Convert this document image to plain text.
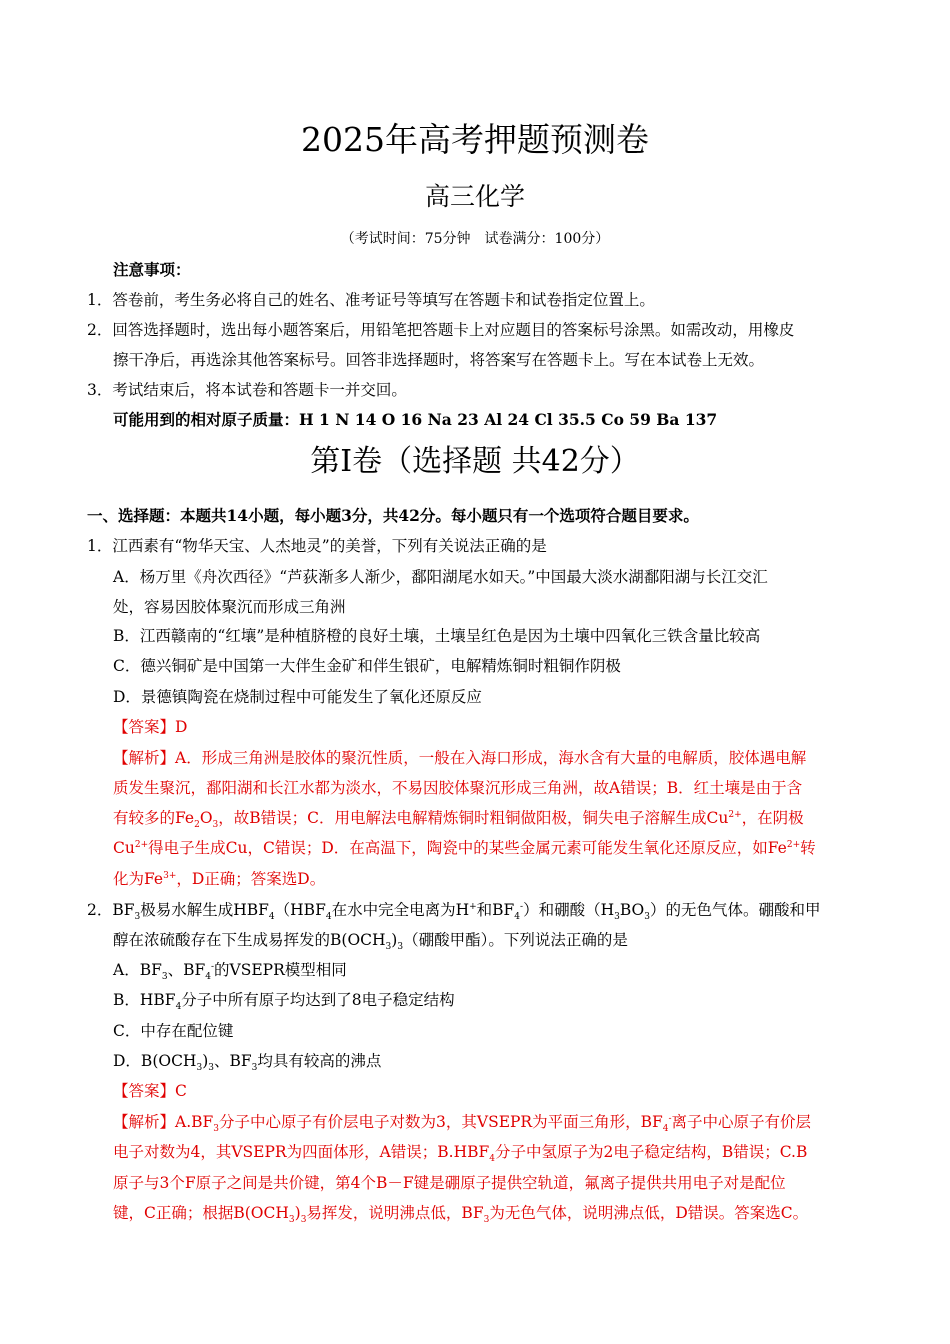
2025年高考押题预测卷
高三化学
（考试时间：75分钟　试卷满分：100分）
注意事项：
1．答卷前，考生务必将自己的姓名、准考证号等填写在答题卡和试卷指定位置上。
2．回答选择题时，选出每小题答案后，用铅笔把答题卡上对应题目的答案标号涂黑。如需改动，用橡皮
擦干净后，再选涂其他答案标号。回答非选择题时，将答案写在答题卡上。写在本试卷上无效。
3．考试结束后，将本试卷和答题卡一并交回。
可能用到的相对原子质量：H 1 N 14 O 16 Na 23 Al 24 Cl 35.5 Co 59 Ba 137
第Ⅰ卷（选择题 共42分）
一、选择题：本题共14小题，每小题3分，共42分。每小题只有一个选项符合题目要求。
1．江西素有“物华天宝、人杰地灵”的美誉，下列有关说法正确的是
A．杨万里《舟次西径》“芦荻渐多人渐少，鄱阳湖尾水如天。”中国最大淡水湖鄱阳湖与长江交汇
处，容易因胶体聚沉而形成三角洲
B．江西赣南的“红壤”是种植脐橙的良好土壤，土壤呈红色是因为土壤中四氧化三铁含量比较高
C．德兴铜矿是中国第一大伴生金矿和伴生银矿，电解精炼铜时粗铜作阴极
D．景德镇陶瓷在烧制过程中可能发生了氧化还原反应
【答案】D
【解析】A．形成三角洲是胶体的聚沉性质，一般在入海口形成，海水含有大量的电解质，胶体遇电解
质发生聚沉，鄱阳湖和长江水都为淡水，不易因胶体聚沉形成三角洲，故A错误；B．红土壤是由于含
有较多的$Fe_2O_3$，故B错误；C．用电解法电解精炼铜时粗铜做阳极，铜失电子溶解生成$Cu^{2+}$，在阴极
$Cu^{2+}$得电子生成Cu，C错误；D．在高温下，陶瓷中的某些金属元素可能发生氧化还原反应，如$Fe^{2+}$转
化为$Fe^{3+}$，D正确；答案选D。
2．$BF_3$极易水解生成$HBF_4(HBF_4$在水中完全电离为H+和$BF_4^-$）和硼酸$(H_3BO_3)$的无色气体。硼酸和甲
醇在浓硫酸存在下生成易挥发的$B(OCH_3)_3$（硼酸甲酯）。下列说法正确的是
A．$BF_3$、$BF_4^-$的VSEPR模型相同
B．$HBF_4$分子中所有原子均达到了8电子稳定结构
C．中存在配位键
D．$B(OCH_3)_3$、$BF_3$均具有较高的沸点
【答案】C
【解析】$A.BF_3$分子中心原子有价层电子对数为3，其VSEPR为平面三角形，$BF_4^-$离子中心原子有价层
电子对数为4，其VSEPR为四面体形，A错误；$B.HBF_4$分子中氢原子为2电子稳定结构，B错误；C.B
原子与3个F原子之间是共价键，第4个B－F键是硼原子提供空轨道，氟离子提供共用电子对是配位
键，C正确；根据$B(OCH_3)_3$易挥发，说明沸点低，$BF_3$为无色气体，说明沸点低，D错误。答案选C。
